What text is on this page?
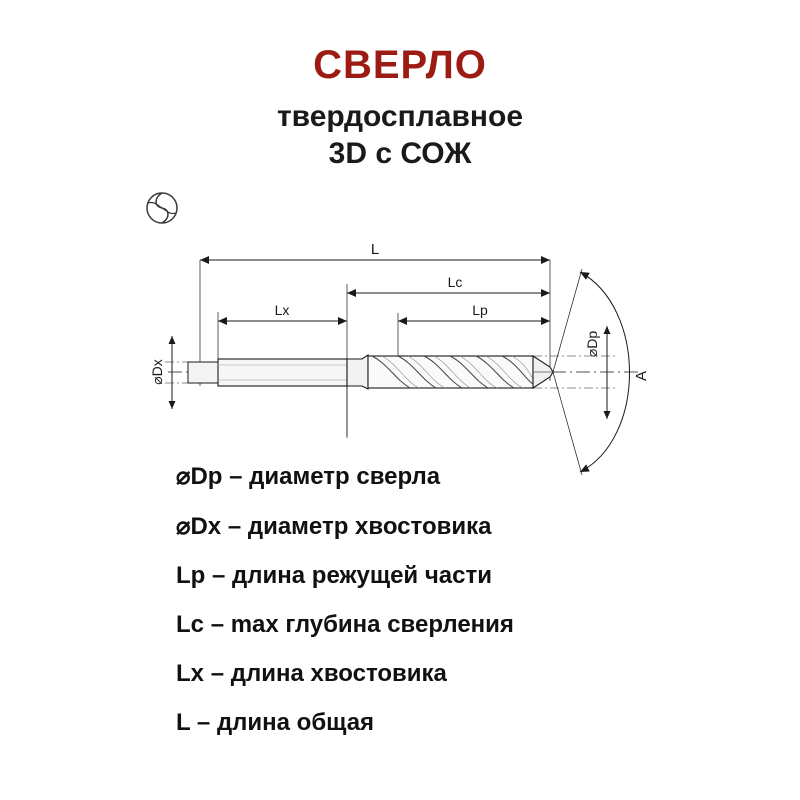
СВЕРЛО
твердосплавное
3D с СОЖ
L
Lc
Lx	Lp
⌀Dx	A
⌀Dp
⌀Dp – диаметр сверла
⌀Dx – диаметр хвостовика
Lp – длина режущей части
Lc – max глубина сверления
Lx – длина хвостовика
L – длина общая
